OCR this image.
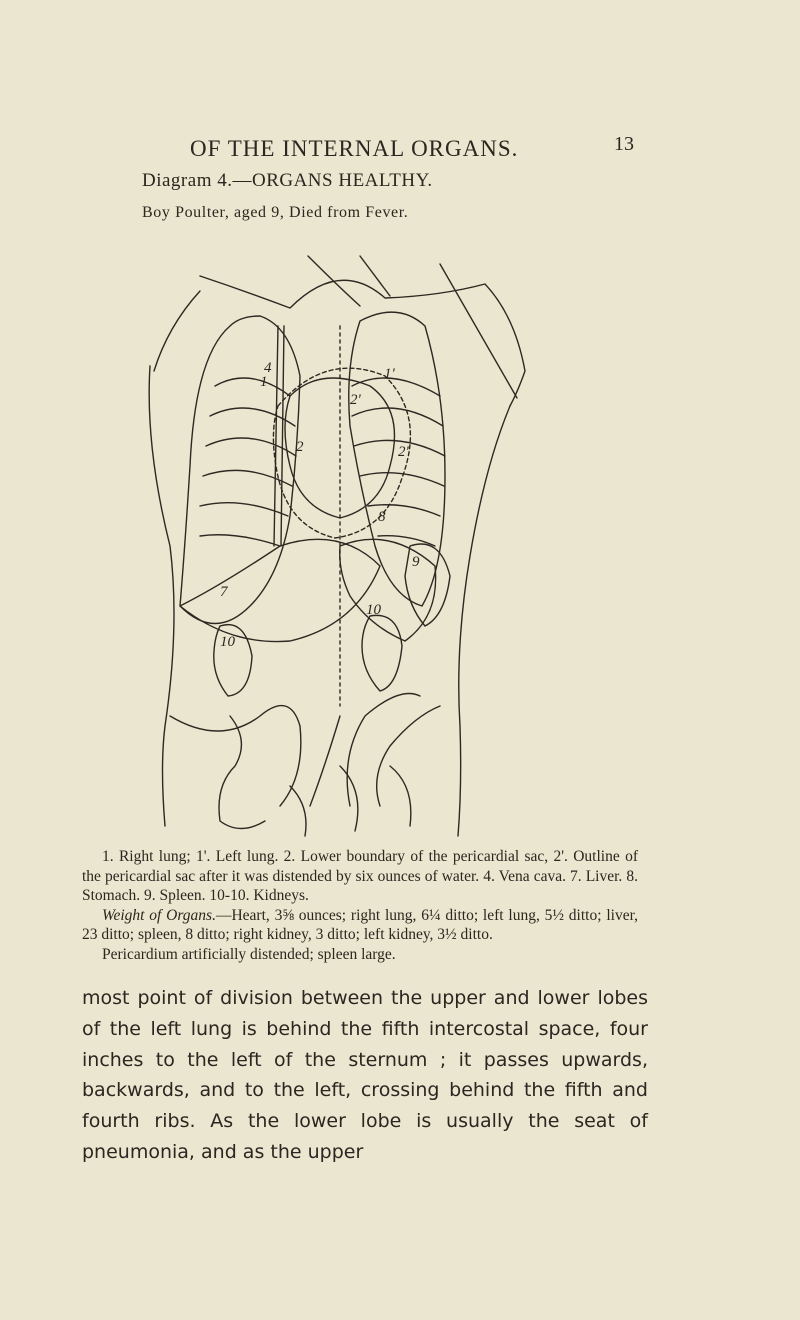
OF THE INTERNAL ORGANS.	13
Diagram 4.—ORGANS HEALTHY.
Boy Poulter, aged 9, Died from Fever.
1	1'
2
2'
2'
4
7
8
9
10
10

1. Right lung; 1'. Left lung. 2. Lower boundary of the pericardial sac, 2'. Outline of the pericardial sac after it was distended by six ounces of water. 4. Vena cava. 7. Liver. 8. Stomach. 9. Spleen. 10-10. Kidneys.

Weight of Organs.—Heart, 3⅝ ounces; right lung, 6¼ ditto; left lung, 5½ ditto; liver, 23 ditto; spleen, 8 ditto; right kidney, 3 ditto; left kidney, 3½ ditto.

Pericardium artificially distended; spleen large.

most point of division between the upper and lower lobes of the left lung is behind the fifth intercostal space, four inches to the left of the sternum ; it passes upwards, backwards, and to the left, crossing behind the fifth and fourth ribs. As the lower lobe is usually the seat of pneumonia, and as the upper
